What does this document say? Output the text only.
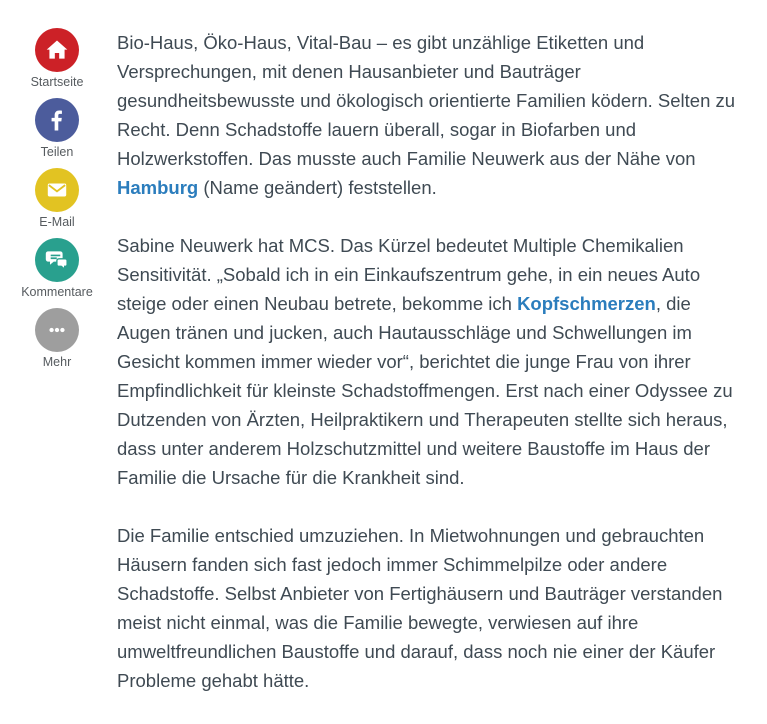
Startseite
Teilen
E-Mail
Kommentare
Mehr

Bio-Haus, Öko-Haus, Vital-Bau – es gibt unzählige Etiketten und Versprechungen, mit denen Hausanbieter und Bauträger gesundheitsbewusste und ökologisch orientierte Familien ködern. Selten zu Recht. Denn Schadstoffe lauern überall, sogar in Biofarben und Holzwerkstoffen. Das musste auch Familie Neuwerk aus der Nähe von Hamburg (Name geändert) feststellen.

Sabine Neuwerk hat MCS. Das Kürzel bedeutet Multiple Chemikalien Sensitivität. „Sobald ich in ein Einkaufszentrum gehe, in ein neues Auto steige oder einen Neubau betrete, bekomme ich Kopfschmerzen, die Augen tränen und jucken, auch Hautausschläge und Schwellungen im Gesicht kommen immer wieder vor“, berichtet die junge Frau von ihrer Empfindlichkeit für kleinste Schadstoffmengen. Erst nach einer Odyssee zu Dutzenden von Ärzten, Heilpraktikern und Therapeuten stellte sich heraus, dass unter anderem Holzschutzmittel und weitere Baustoffe im Haus der Familie die Ursache für die Krankheit sind.

Die Familie entschied umzuziehen. In Mietwohnungen und gebrauchten Häusern fanden sich fast jedoch immer Schimmelpilze oder andere Schadstoffe. Selbst Anbieter von Fertighäusern und Bauträger verstanden meist nicht einmal, was die Familie bewegte, verwiesen auf ihre umweltfreundlichen Baustoffe und darauf, dass noch nie einer der Käufer Probleme gehabt hätte.
